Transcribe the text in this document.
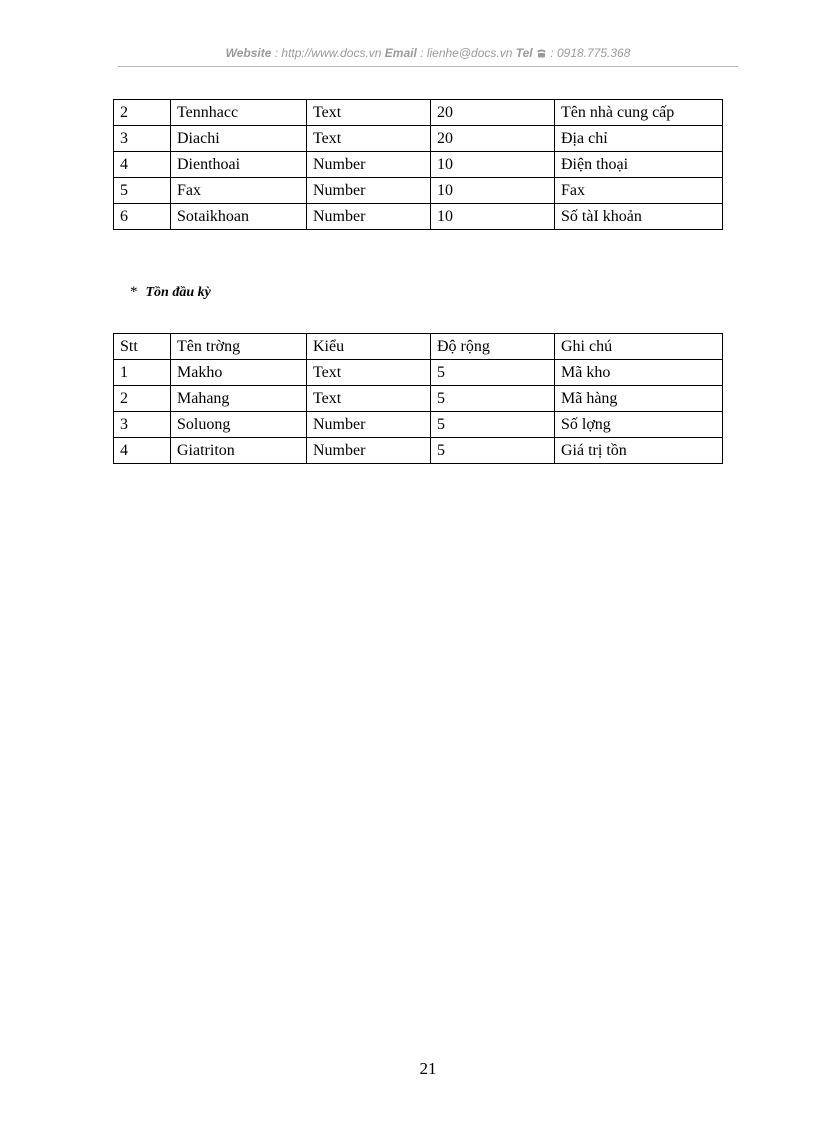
Website : http://www.docs.vn Email : lienhe@docs.vn Tel  : 0918.775.368
2	Tennhacc	Text	20	Tên nhà cung cấp
3	Diachi	Text	20	Địa chỉ
4	Dienthoai	Number	10	Điện thoại
5	Fax	Number	10	Fax
6	Sotaikhoan	Number	10	Số tàI khoản
* Tồn đầu kỳ
Stt	Tên trờng	Kiểu	Độ rộng	Ghi chú
1	Makho	Text	5	Mã kho
2	Mahang	Text	5	Mã hàng
3	Soluong	Number	5	Số lợng
4	Giatriton	Number	5	Giá trị tồn
21
